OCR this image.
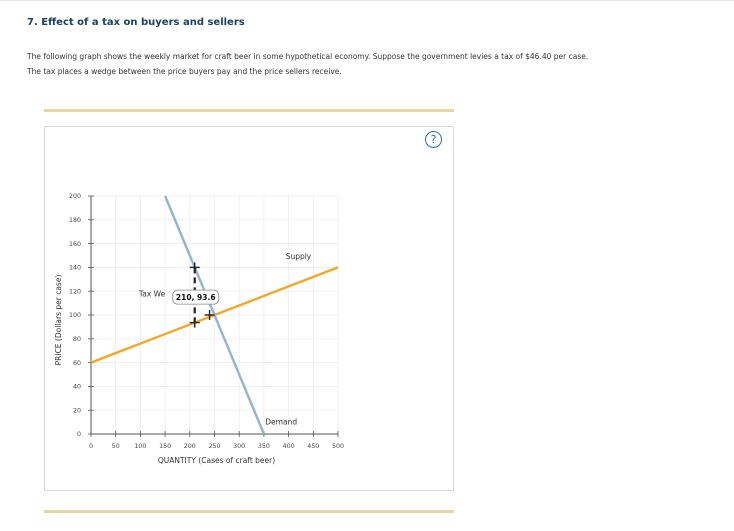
7. Effect of a tax on buyers and sellers

The following graph shows the weekly market for craft beer in some hypothetical economy. Suppose the government levies a tax of $46.40 per case.

The tax places a wedge between the price buyers pay and the price sellers receive.

0
20
40
60
80
100
120
140
160
180
200
0	50 100 150 200 250 300 350 400 450 500
PRICE (Dollars per case)
QUANTITY (Cases of craft beer)
Supply
Demand
Tax We 210, 93.6
?
